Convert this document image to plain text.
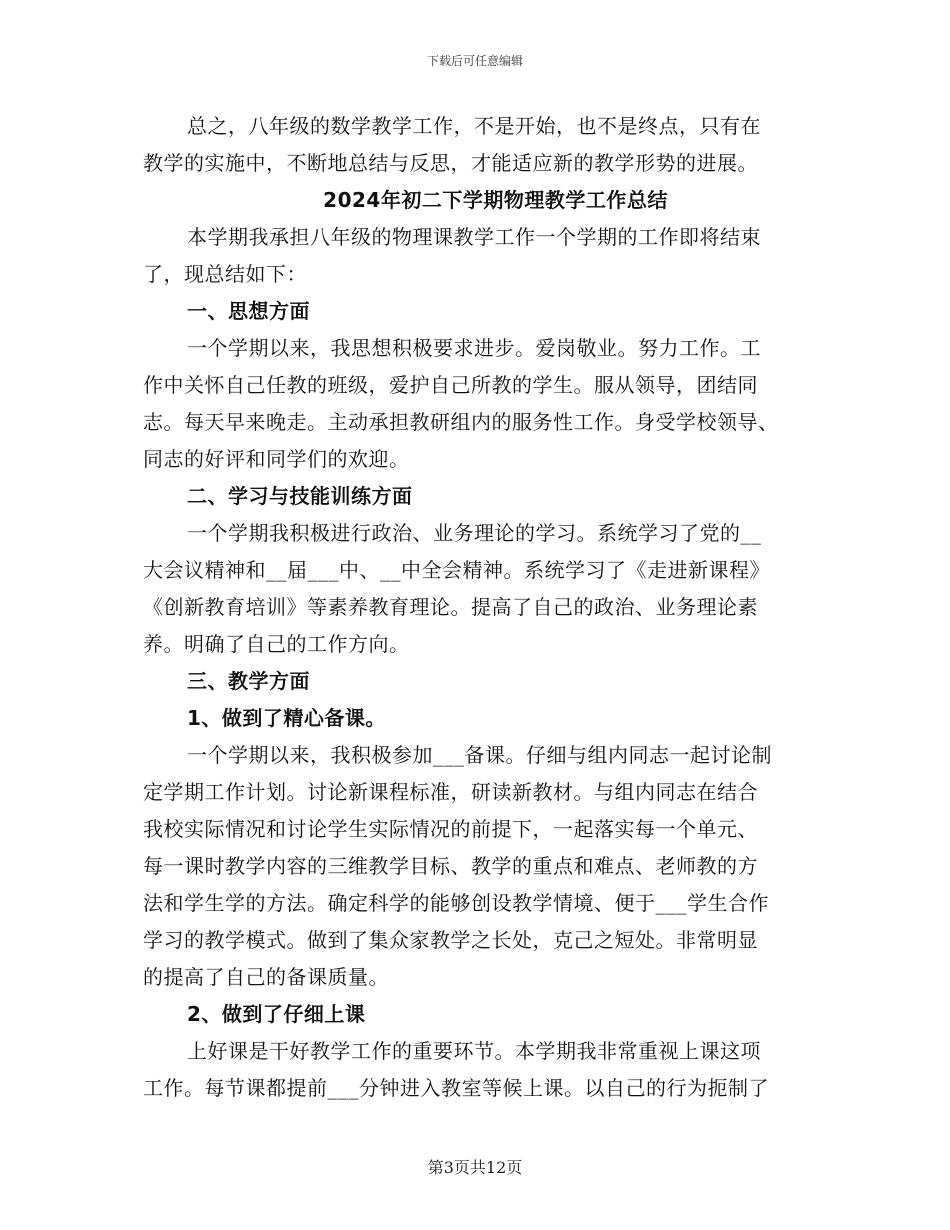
下载后可任意编辑
总之，八年级的数学教学工作，不是开始，也不是终点，只有在
教学的实施中，不断地总结与反思，才能适应新的教学形势的进展。
2024年初二下学期物理教学工作总结
本学期我承担八年级的物理课教学工作一个学期的工作即将结束
了，现总结如下：
一、思想方面
一个学期以来，我思想积极要求进步。爱岗敬业。努力工作。工
作中关怀自己任教的班级，爱护自己所教的学生。服从领导，团结同
志。每天早来晚走。主动承担教研组内的服务性工作。身受学校领导、
同志的好评和同学们的欢迎。
二、学习与技能训练方面
一个学期我积极进行政治、业务理论的学习。系统学习了党的__
大会议精神和__届___中、__中全会精神。系统学习了《走进新课程》
《创新教育培训》等素养教育理论。提高了自己的政治、业务理论素
养。明确了自己的工作方向。
三、教学方面
1、做到了精心备课。
一个学期以来，我积极参加___备课。仔细与组内同志一起讨论制
定学期工作计划。讨论新课程标准，研读新教材。与组内同志在结合
我校实际情况和讨论学生实际情况的前提下，一起落实每一个单元、
每一课时教学内容的三维教学目标、教学的重点和难点、老师教的方
法和学生学的方法。确定科学的能够创设教学情境、便于___学生合作
学习的教学模式。做到了集众家教学之长处，克己之短处。非常明显
的提高了自己的备课质量。
2、做到了仔细上课
上好课是干好教学工作的重要环节。本学期我非常重视上课这项
工作。每节课都提前___分钟进入教室等候上课。以自己的行为扼制了
第3页共12页
